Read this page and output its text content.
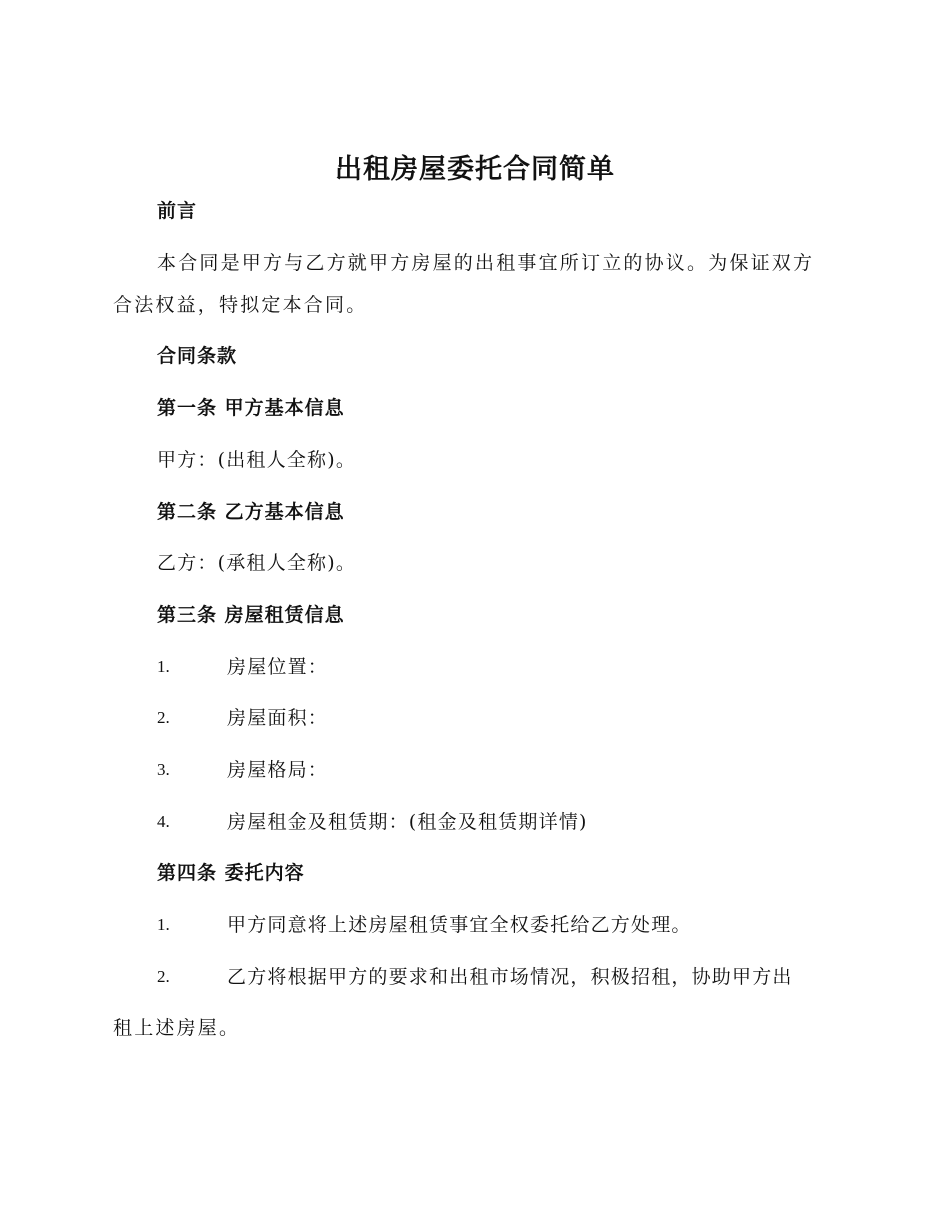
出租房屋委托合同简单
前言
本合同是甲方与乙方就甲方房屋的出租事宜所订立的协议。为保证双方
合法权益，特拟定本合同。
合同条款
第一条 甲方基本信息
甲方：(出租人全称)。
第二条 乙方基本信息
乙方：(承租人全称)。
第三条 房屋租赁信息
1.	房屋位置：
2.	房屋面积：
3.	房屋格局：
4.	房屋租金及租赁期：(租金及租赁期详情)
第四条 委托内容
1.	甲方同意将上述房屋租赁事宜全权委托给乙方处理。
2.	乙方将根据甲方的要求和出租市场情况，积极招租，协助甲方出
租上述房屋。
